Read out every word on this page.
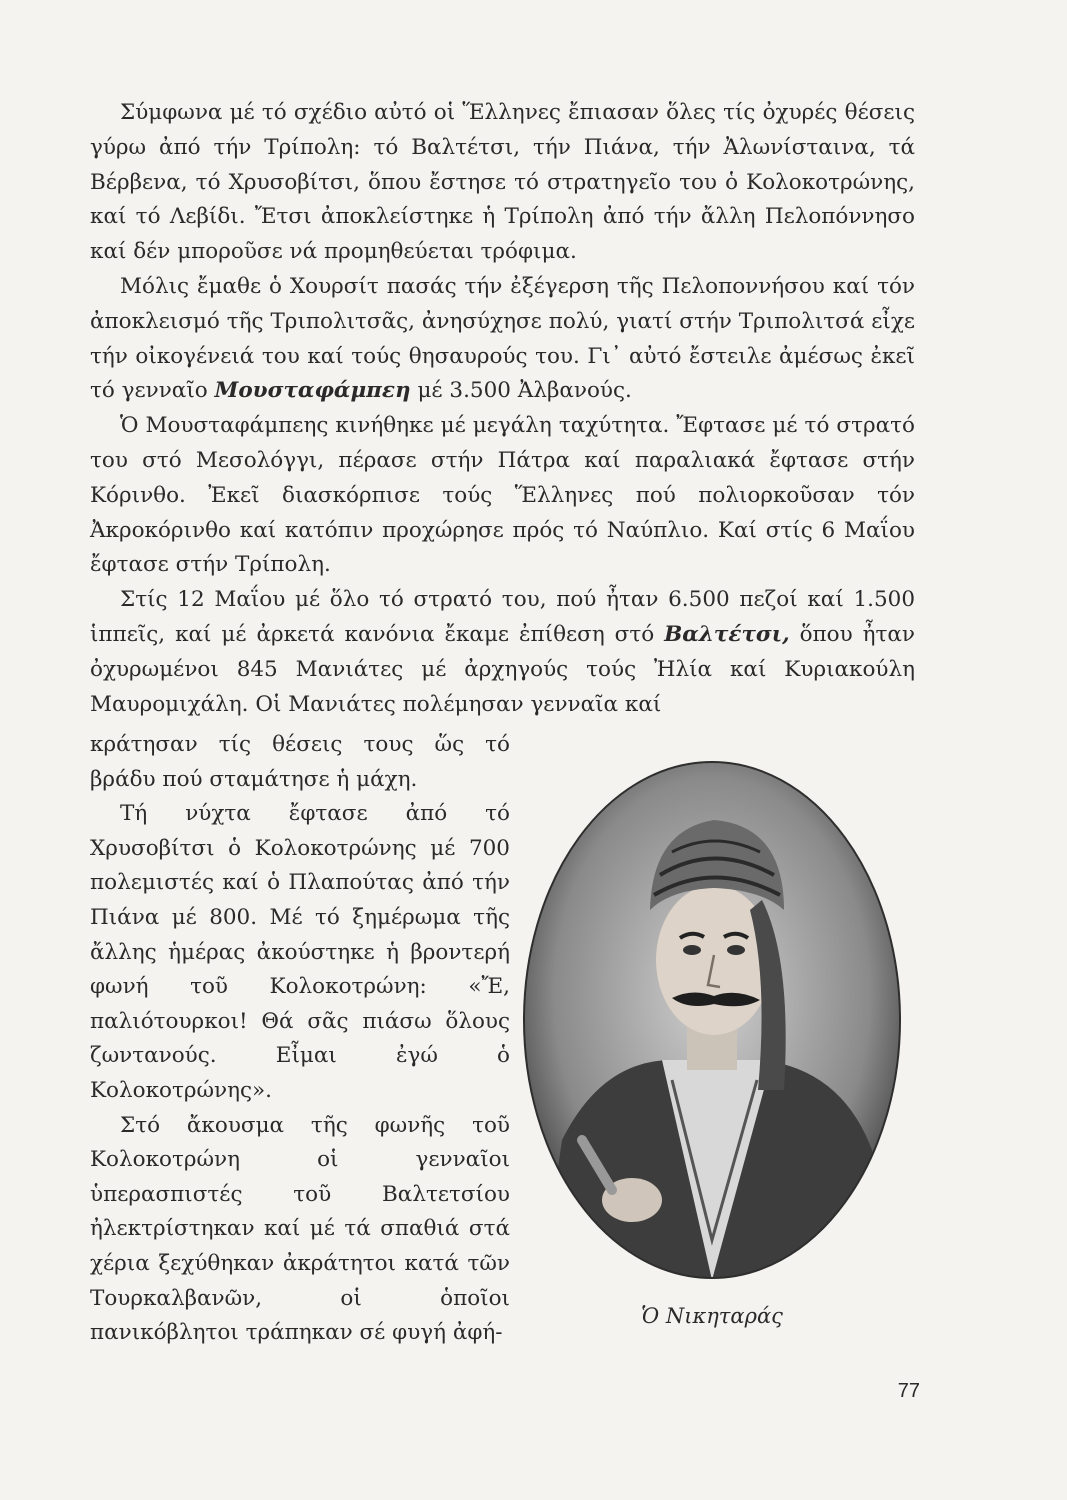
Σύμφωνα μέ τό σχέδιο αὐτό οἱ Ἕλληνες ἔπιασαν ὅλες τίς ὀχυρές θέσεις γύρω ἀπό τήν Τρίπολη: τό Βαλτέτσι, τήν Πιάνα, τήν Ἀλωνίσταινα, τά Βέρβενα, τό Χρυσοβίτσι, ὅπου ἔστησε τό στρατηγεῖο του ὁ Κολοκοτρώνης, καί τό Λεβίδι. Ἔτσι ἀποκλείστηκε ἡ Τρίπολη ἀπό τήν ἄλλη Πελοπόννησο καί δέν μποροῦσε νά προμηθεύεται τρόφιμα.

Μόλις ἔμαθε ὁ Χουρσίτ πασάς τήν ἐξέγερση τῆς Πελοποννήσου καί τόν ἀποκλεισμό τῆς Τριπολιτσᾶς, ἀνησύχησε πολύ, γιατί στήν Τριπολιτσά εἶχε τήν οἰκογένειά του καί τούς θησαυρούς του. Γι᾽ αὐτό ἔστειλε ἀμέσως ἐκεῖ τό γενναῖο Μουσταφάμπεη μέ 3.500 Ἀλβανούς.

Ὁ Μουσταφάμπεης κινήθηκε μέ μεγάλη ταχύτητα. Ἔφτασε μέ τό στρατό του στό Μεσολόγγι, πέρασε στήν Πάτρα καί παραλιακά ἔφτασε στήν Κόρινθο. Ἐκεῖ διασκόρπισε τούς Ἕλληνες πού πολιορκοῦσαν τόν Ἀκροκόρινθο καί κατόπιν προχώρησε πρός τό Ναύπλιο. Καί στίς 6 Μαΐου ἔφτασε στήν Τρίπολη.

Στίς 12 Μαΐου μέ ὅλο τό στρατό του, πού ἦταν 6.500 πεζοί καί 1.500 ἱππεῖς, καί μέ ἀρκετά κανόνια ἔκαμε ἐπίθεση στό Βαλτέτσι, ὅπου ἦταν ὀχυρωμένοι 845 Μανιάτες μέ ἀρχηγούς τούς Ἠλία καί Κυριακούλη Μαυρομιχάλη. Οἱ Μανιάτες πολέμησαν γενναῖα καί

κράτησαν τίς θέσεις τους ὥς τό βράδυ πού σταμάτησε ἡ μάχη.

Τή νύχτα ἔφτασε ἀπό τό Χρυσοβίτσι ὁ Κολοκοτρώνης μέ 700 πολεμιστές καί ὁ Πλαπούτας ἀπό τήν Πιάνα μέ 800. Μέ τό ξημέρωμα τῆς ἄλλης ἡμέρας ἀκούστηκε ἡ βροντερή φωνή τοῦ Κολοκοτρώνη: «Ἔ, παλιότουρκοι! Θά σᾶς πιάσω ὅλους ζωντανούς. Εἶμαι ἐγώ ὁ Κολοκοτρώνης».

Στό ἄκουσμα τῆς φωνῆς τοῦ Κολοκοτρώνη οἱ γενναῖοι ὑπερασπιστές τοῦ Βαλτετσίου ἠλεκτρίστηκαν καί μέ τά σπαθιά στά χέρια ξεχύθηκαν ἀκράτητοι κατά τῶν Τουρκαλβανῶν, οἱ ὁποῖοι πανικόβλητοι τράπηκαν σέ φυγή ἀφή-

Ὁ Νικηταράς
77
